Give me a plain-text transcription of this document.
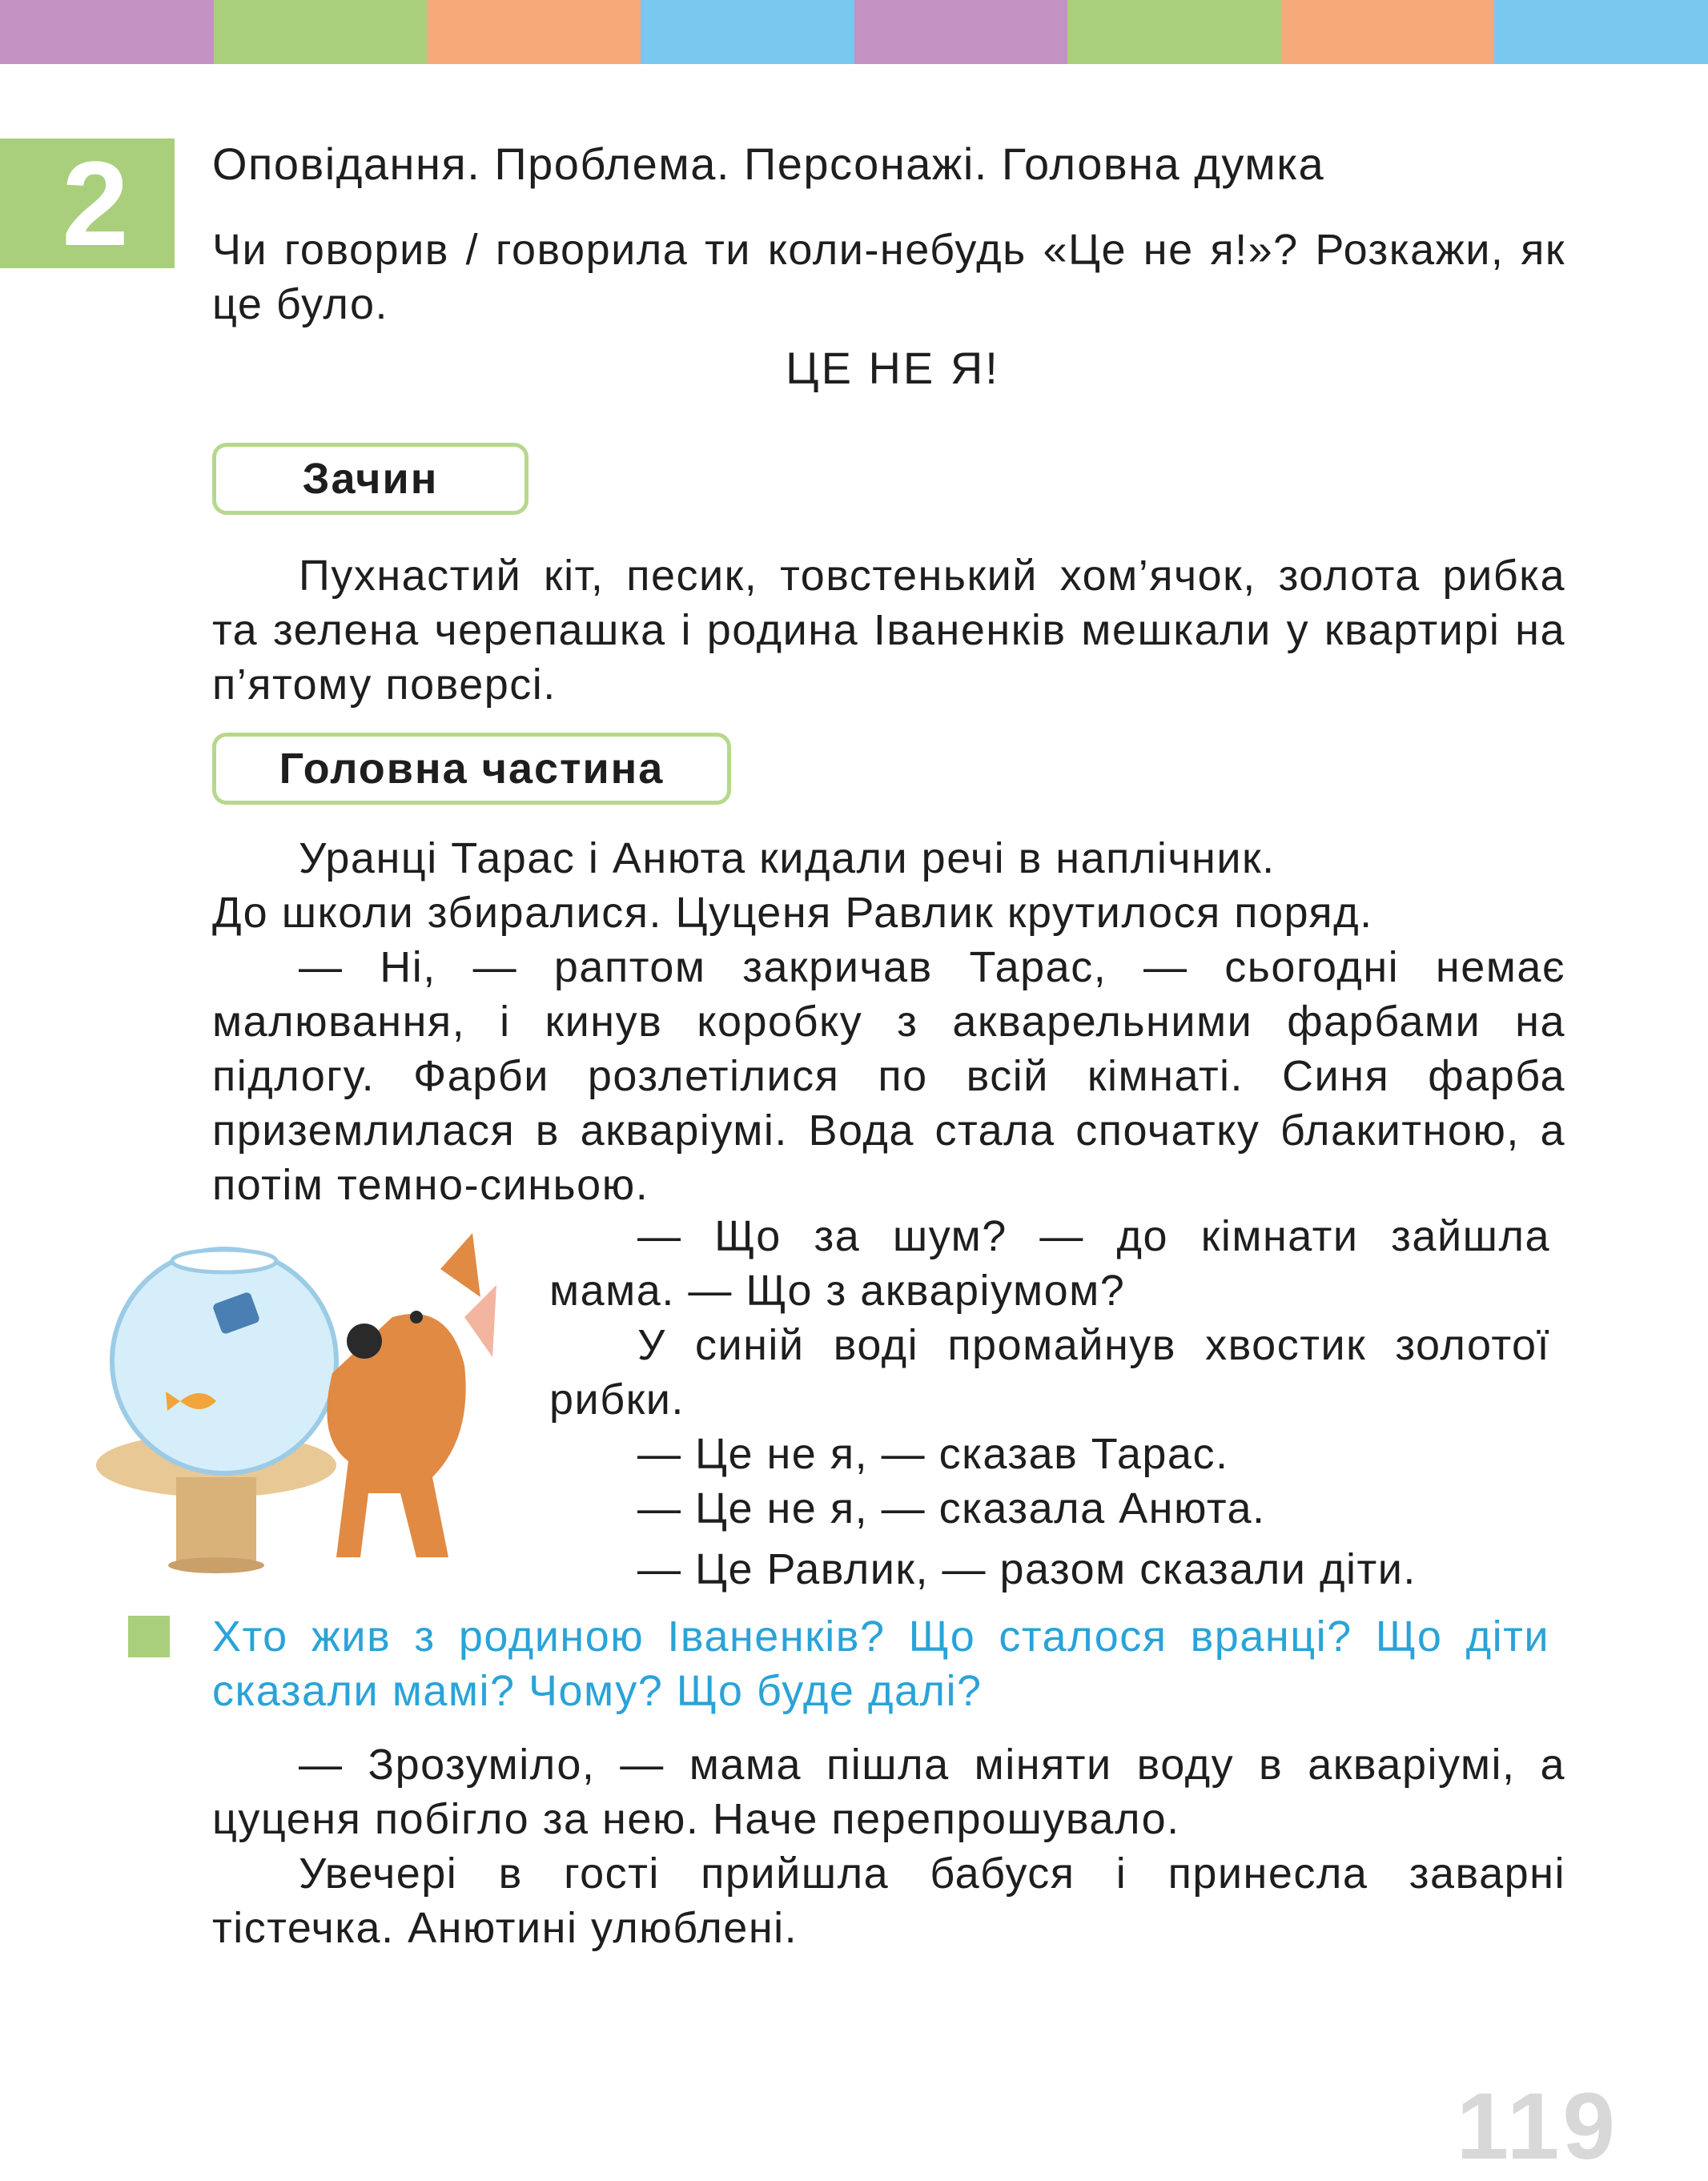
2	Оповідання. Проблема. Персонажі. Головна думка

Чи говорив / говорила ти коли-небудь «Це не я!»? Розкажи, як це було.

ЦЕ НЕ Я!
Зачин

Пухнастий кіт, песик, товстенький хом’ячок, золота рибка та зелена черепашка і родина Іваненків мешкали у квартирі на п’ятому поверсі.

Головна частина

Уранці Тарас і Анюта кидали речі в наплічник.

До школи збиралися. Цуценя Равлик крутилося поряд.

— Ні, — раптом закричав Тарас, — сьогодні немає малювання, і кинув коробку з акварельними фарбами на підлогу. Фарби розлетілися по всій кімнаті. Синя фарба приземлилася в акваріумі. Вода стала спочатку блакитною, а потім темно-синьою.

— Що за шум? — до кімнати зайшла мама. — Що з акваріумом?

У синій воді промайнув хвостик золотої рибки.

— Це не я, — сказав Тарас.

— Це не я, — сказала Анюта.

— Це Равлик, — разом сказали діти.

Хто жив з родиною Іваненків? Що сталося вранці? Що діти сказали мамі? Чому? Що буде далі?

— Зрозуміло, — мама пішла міняти воду в акваріумі, а цуценя побігло за нею. Наче перепрошувало.

Увечері в гості прийшла бабуся і принесла заварні тістечка. Анютині улюблені.

119
